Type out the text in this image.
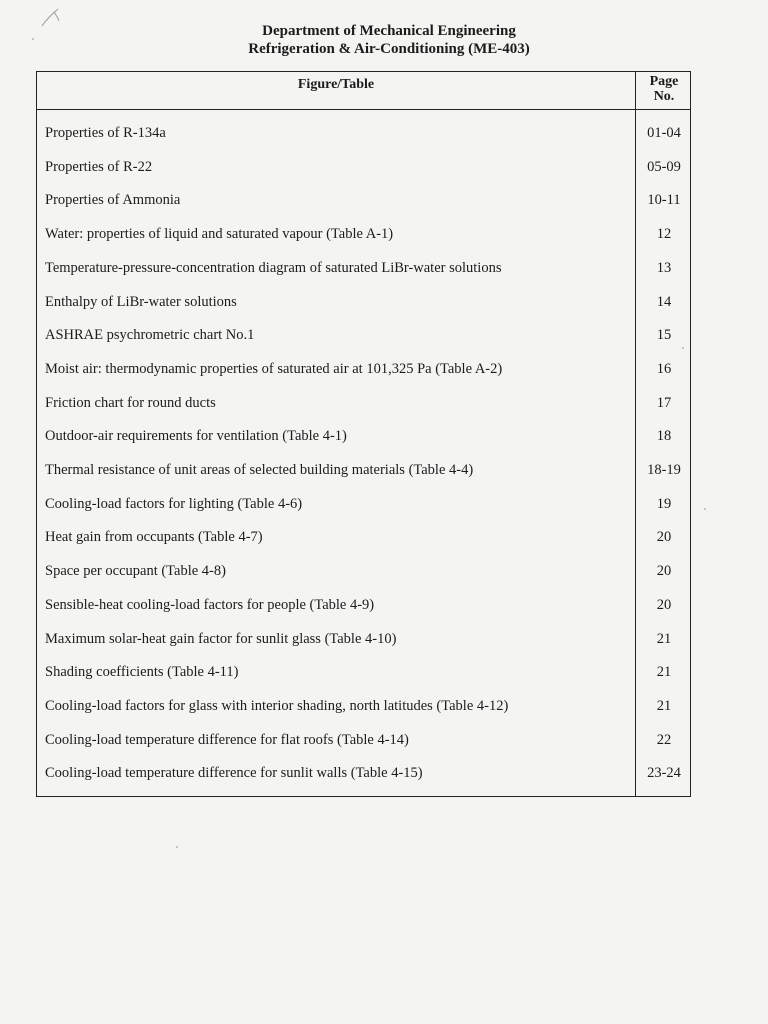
Department of Mechanical Engineering
Refrigeration & Air-Conditioning (ME-403)
Figure/Table	Page
No.
Properties of R-134a	01-04
Properties of R-22	05-09
Properties of Ammonia	10-11
Water: properties of liquid and saturated vapour (Table A-1)	12
Temperature-pressure-concentration diagram of saturated LiBr-water solutions	13
Enthalpy of LiBr-water solutions	14
ASHRAE psychrometric chart No.1	15
Moist air: thermodynamic properties of saturated air at 101,325 Pa (Table A-2)	16
Friction chart for round ducts	17
Outdoor-air requirements for ventilation (Table 4-1)	18
Thermal resistance of unit areas of selected building materials (Table 4-4)	18-19
Cooling-load factors for lighting (Table 4-6)	19
Heat gain from occupants (Table 4-7)	20
Space per occupant (Table 4-8)	20
Sensible-heat cooling-load factors for people (Table 4-9)	20
Maximum solar-heat gain factor for sunlit glass (Table 4-10)	21
Shading coefficients (Table 4-11)	21
Cooling-load factors for glass with interior shading, north latitudes (Table 4-12)	21
Cooling-load temperature difference for flat roofs (Table 4-14)	22
Cooling-load temperature difference for sunlit walls (Table 4-15)	23-24
